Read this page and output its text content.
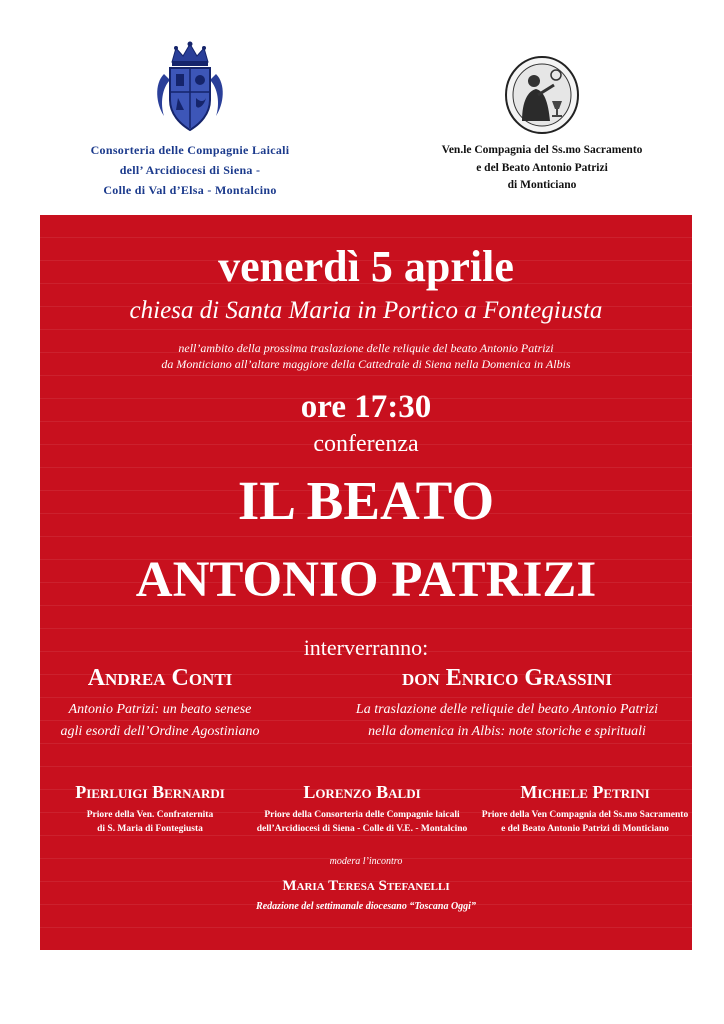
Consorteria delle Compagnie Laicali
dell’ Arcidiocesi di Siena -
Colle di Val d’Elsa - Montalcino
Ven.le Compagnia del Ss.mo Sacramento
e del Beato Antonio Patrizi
di Monticiano
venerdì 5 aprile
chiesa di Santa Maria in Portico a Fontegiusta
nell’ambito della prossima traslazione delle reliquie del beato Antonio Patrizi
da Monticiano all’altare maggiore della Cattedrale di Siena nella Domenica in Albis
ore 17:30
conferenza
IL BEATO
ANTONIO PATRIZI
interverranno:
Andrea Conti
Antonio Patrizi: un beato senese
agli esordi dell’Ordine Agostiniano
don Enrico Grassini
La traslazione delle reliquie del beato Antonio Patrizi
nella domenica in Albis: note storiche e spirituali
Pierluigi Bernardi
Priore della Ven. Confraternita
di S. Maria di Fontegiusta
Lorenzo Baldi
Priore della Consorteria delle Compagnie laicali
dell’Arcidiocesi di Siena - Colle di V.E. - Montalcino
Michele Petrini
Priore della Ven Compagnia del Ss.mo Sacramento
e del Beato Antonio Patrizi di Monticiano
modera l’incontro
Maria Teresa Stefanelli
Redazione del settimanale diocesano “Toscana Oggi”
